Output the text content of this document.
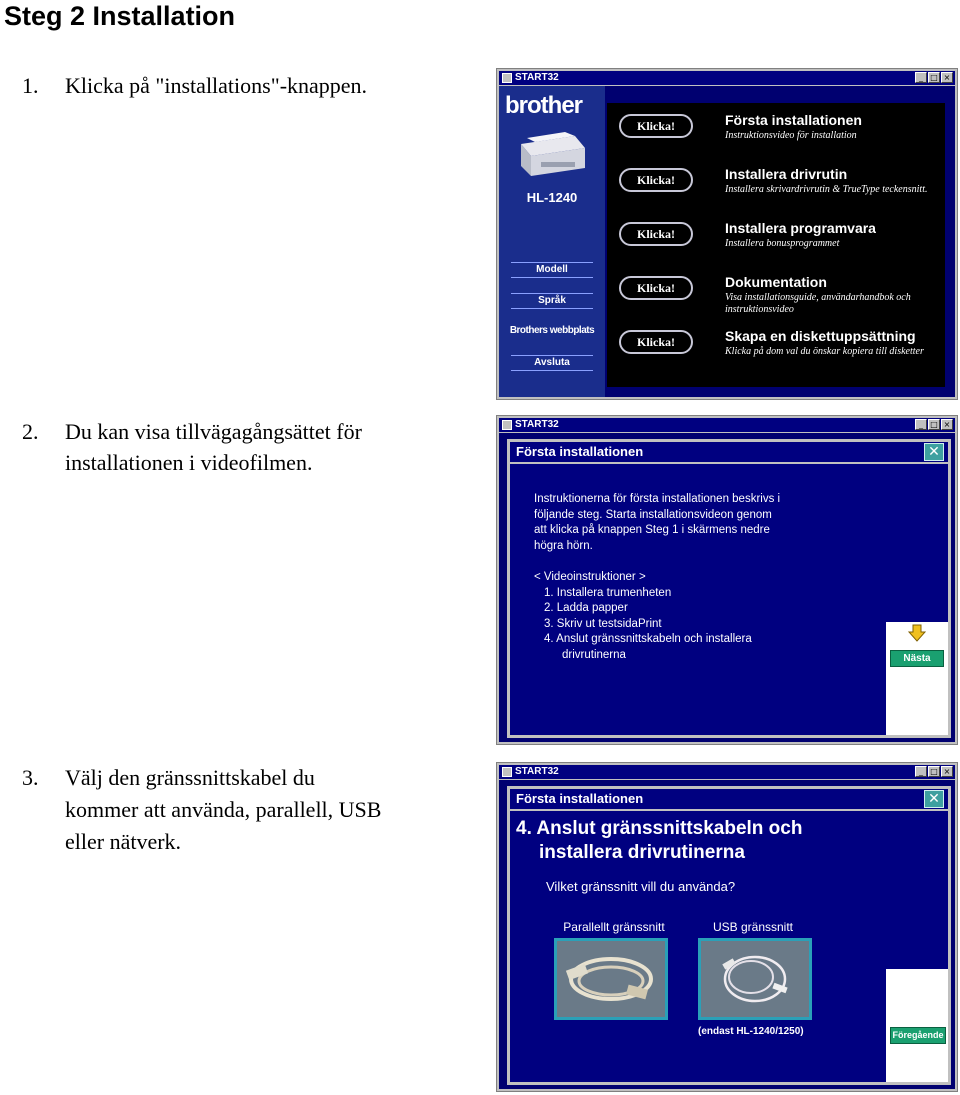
Steg 2 Installation
1. Klicka på "installations"-knappen.
2. Du kan visa tillvägagångsättet för
installationen i videofilmen.
3. Välj den gränssnittskabel du
kommer att använda, parallell, USB
eller nätverk.
START32	_ □ ×
brother
HL-1240
Modell
Språk
Brothers webbplats
Avsluta
Klicka!	Första installationen
Instruktionsvideo för installation
Klicka!	Installera drivrutin
Installera skrivardrivrutin & TrueType teckensnitt.
Klicka!	Installera programvara
Installera bonusprogrammet
Klicka!	Dokumentation
Visa installationsguide, användarhandbok och instruktionsvideo
Klicka!	Skapa en diskettuppsättning
Klicka på dom val du önskar kopiera till disketter
START32	_ □ ×
Första installationen	✕
Instruktionerna för första installationen beskrivs i
följande steg. Starta installationsvideon genom
att klicka på knappen Steg 1 i skärmens nedre
högra hörn.
< Videoinstruktioner >
1. Installera trumenheten
2. Ladda papper
3. Skriv ut testsidaPrint
4. Anslut gränssnittskabeln och installera
drivrutinerna	Nästa
START32	_ □ ×
Första installationen	✕
4. Anslut gränssnittskabeln och
installera drivrutinerna
Vilket gränssnitt vill du använda?
Parallellt gränssnitt	USB gränssnitt
(endast HL-1240/1250)	Föregående
